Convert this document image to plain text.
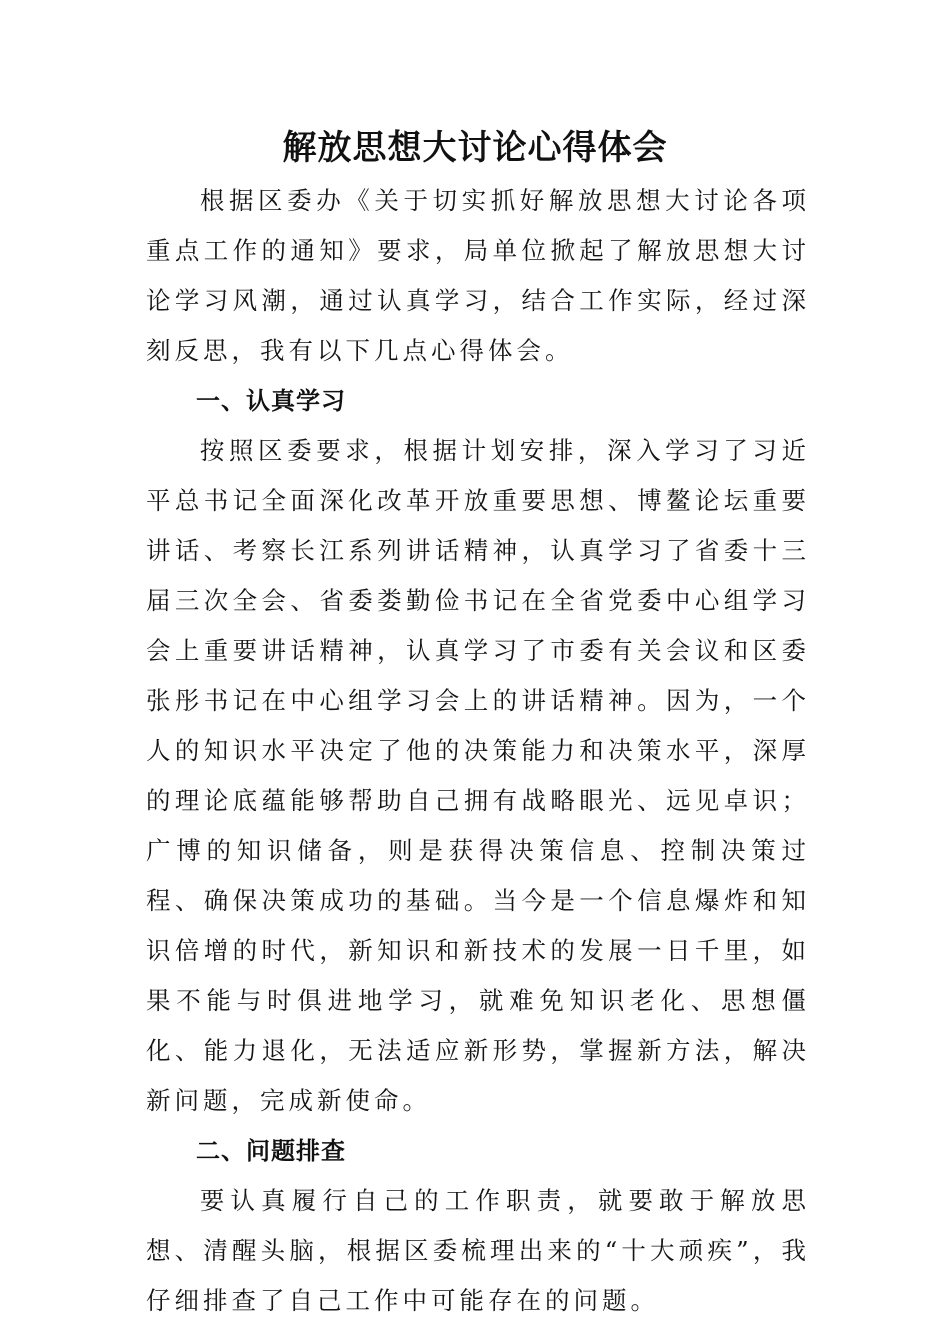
解放思想大讨论心得体会

根据区委办《关于切实抓好解放思想大讨论各项重点工作的通知》要求，局单位掀起了解放思想大讨论学习风潮，通过认真学习，结合工作实际，经过深刻反思，我有以下几点心得体会。

一、认真学习

按照区委要求，根据计划安排，深入学习了习近平总书记全面深化改革开放重要思想、博鳌论坛重要讲话、考察长江系列讲话精神，认真学习了省委十三届三次全会、省委娄勤俭书记在全省党委中心组学习会上重要讲话精神，认真学习了市委有关会议和区委张彤书记在中心组学习会上的讲话精神。因为，一个人的知识水平决定了他的决策能力和决策水平，深厚的理论底蕴能够帮助自己拥有战略眼光、远见卓识；广博的知识储备，则是获得决策信息、控制决策过程、确保决策成功的基础。当今是一个信息爆炸和知识倍增的时代，新知识和新技术的发展一日千里，如果不能与时俱进地学习，就难免知识老化、思想僵化、能力退化，无法适应新形势，掌握新方法，解决新问题，完成新使命。

二、问题排查

要认真履行自己的工作职责，就要敢于解放思想、清醒头脑，根据区委梳理出来的“十大顽疾”，我仔细排查了自己工作中可能存在的问题。
